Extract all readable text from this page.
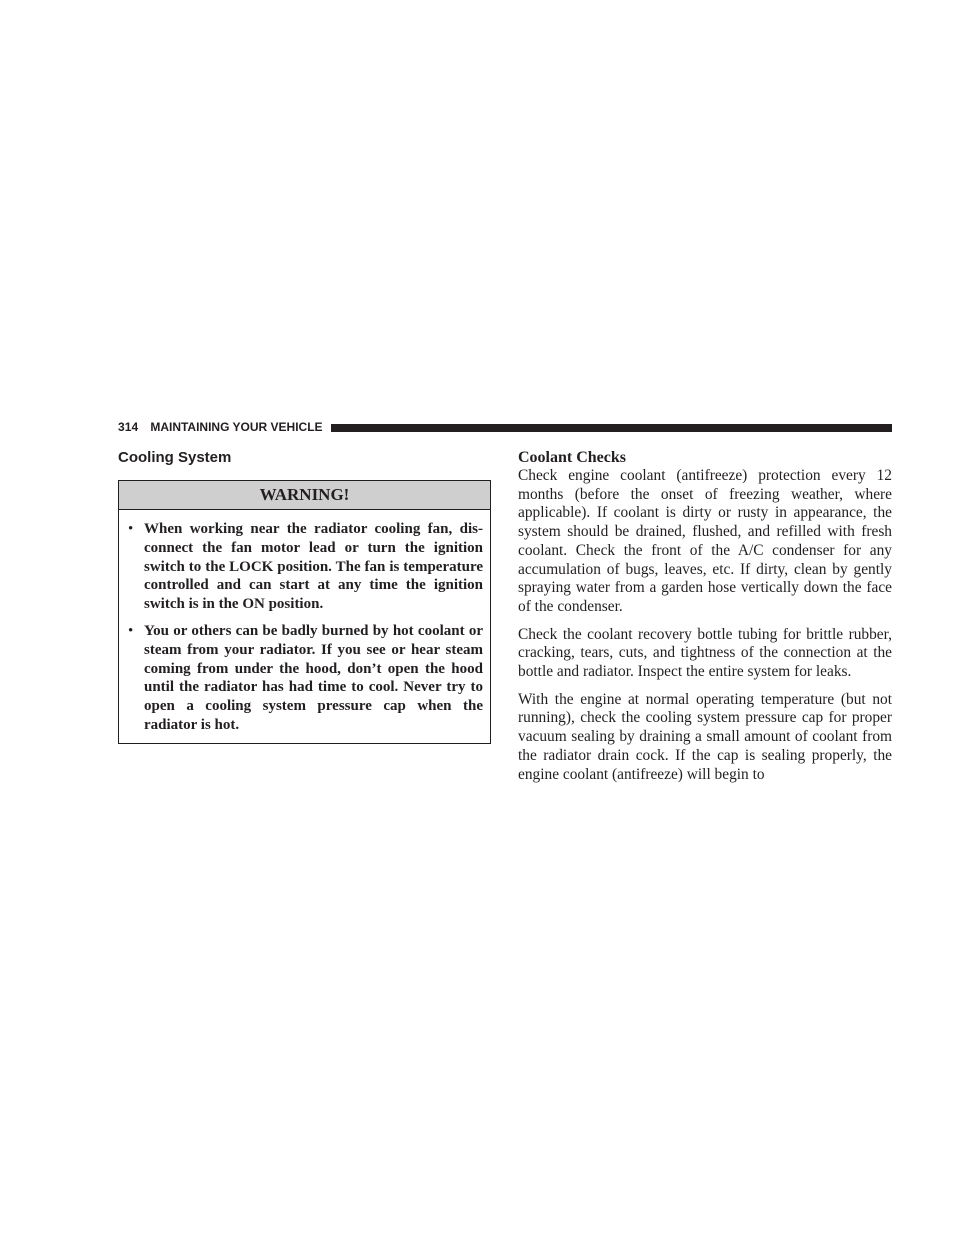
314 MAINTAINING YOUR VEHICLE
Cooling System
WARNING!
• When working near the radiator cooling fan, disconnect the fan motor lead or turn the ignition switch to the LOCK position. The fan is temperature controlled and can start at any time the ignition switch is in the ON position.
• You or others can be badly burned by hot coolant or steam from your radiator. If you see or hear steam coming from under the hood, don’t open the hood until the radiator has had time to cool. Never try to open a cooling system pressure cap when the radiator is hot.
Coolant Checks

Check engine coolant (antifreeze) protection every 12 months (before the onset of freezing weather, where applicable). If coolant is dirty or rusty in appearance, the system should be drained, flushed, and refilled with fresh coolant. Check the front of the A/C condenser for any accumulation of bugs, leaves, etc. If dirty, clean by gently spraying water from a garden hose vertically down the face of the condenser.

Check the coolant recovery bottle tubing for brittle rubber, cracking, tears, cuts, and tightness of the connection at the bottle and radiator. Inspect the entire system for leaks.

With the engine at normal operating temperature (but not running), check the cooling system pressure cap for proper vacuum sealing by draining a small amount of coolant from the radiator drain cock. If the cap is sealing properly, the engine coolant (antifreeze) will begin to
